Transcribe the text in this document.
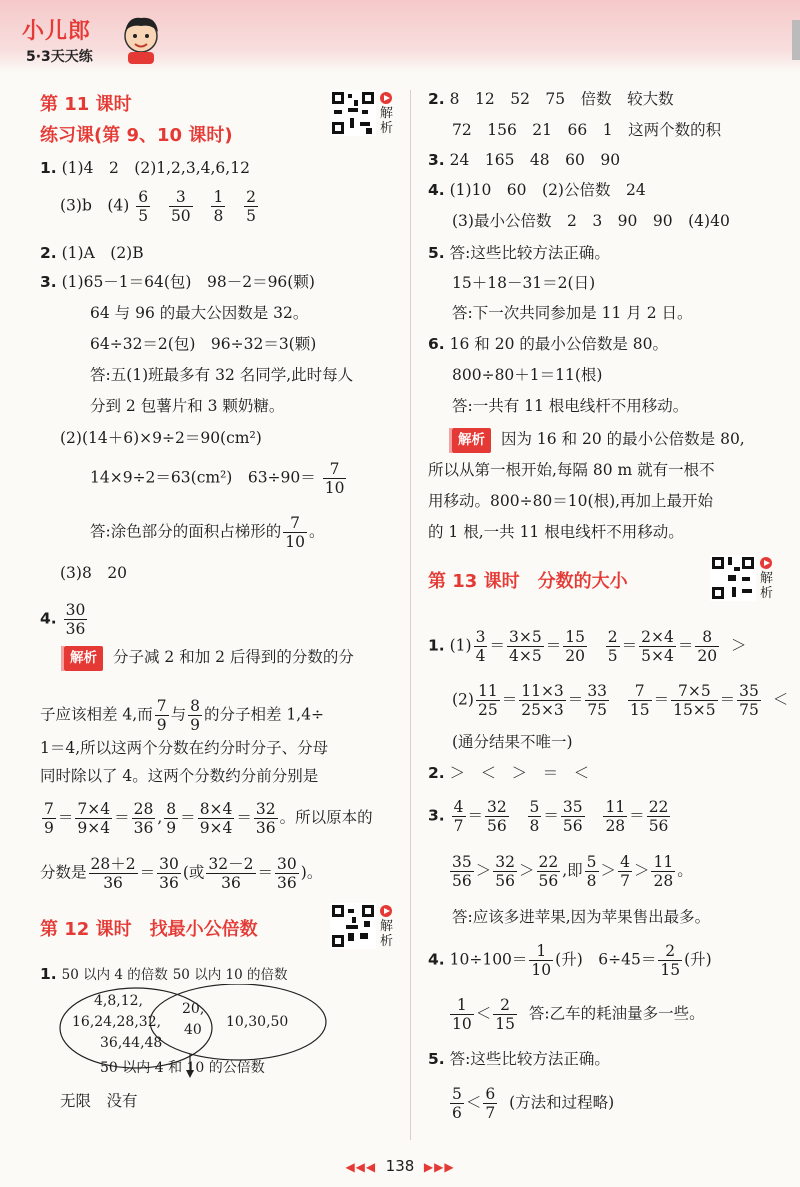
小儿郎
5·3天天练
第 11 课时
练习课(第 9、10 课时)
解析
1. (1)4　2　(2)1,2,3,4,6,12
(3)b　$(4) \frac{6}{5}$
$\frac{3}{50}$
$\frac{1}{8}$
$\frac{2}{5}$
2. (1)A　(2)B
3. (1)65－1＝64(包)　98－2＝96(颗)
64 与 96 的最大公因数是 32。
64÷32＝2(包)　96÷32＝3(颗)
答:五(1)班最多有 32 名同学,此时每人
分到 2 包薯片和 3 颗奶糖。
(2)(14＋6)×9÷2＝90(cm²)
14×9÷2＝63(cm²)　$63\div 90= \frac{7}{10}$
答:涂色部分的面积占梯形的 $\frac{7}{10}$ 。
(3)8　20
4. $\frac{30}{36}$
解析 分子减 2 和加 2 后得到的分数的分
子应该相差 4,而 $\frac{7}{9}$ 与 $\frac{8}{9}$ 的分子相差 1,4÷
1＝4,所以这两个分数在约分时分子、分母
同时除以了 4。这两个分数约分前分别是
$\frac{7}{9} = \frac{7\times 4}{9\times 4} = \frac{28}{36}$ , $\frac{8}{9} = \frac{8\times 4}{9\times 4} = \frac{32}{36}$ 。所以原本的
分数是 $\frac{28+2}{36} = \frac{30}{36}$ (或 $\frac{32-2}{36} = \frac{30}{36}$ )。
第 12 课时　找最小公倍数	解析
1. 50 以内 4 的倍数 50 以内 10 的倍数
4,8,12,
16,24,28,32,
36,44,48
20,
40 10,30,50
50 以内 4 和 10 的公倍数
无限　没有
2. 8　12　52　75　倍数　较大数
72　156　21　66　1　这两个数的积
3. 24　165　48　60　90
4. (1)10　60　(2)公倍数　24
(3)最小公倍数　2　3　90　90　(4)40
5. 答:这些比较方法正确。
15＋18－31＝2(日)
答:下一次共同参加是 11 月 2 日。
6. 16 和 20 的最小公倍数是 80。
800÷80＋1＝11(根)
答:一共有 11 根电线杆不用移动。
解析 因为 16 和 20 的最小公倍数是 80,
所以从第一根开始,每隔 80 m 就有一根不
用移动。800÷80＝10(根),再加上最开始
的 1 根,一共 11 根电线杆不用移动。
第 13 课时　分数的大小	解析
1. $(1) \frac{3}{4} = \frac{3\times 5}{4\times 5} = \frac{15}{20}$
$\frac{2}{5} = \frac{2\times 4}{5\times 4} = \frac{8}{20}$ ＞
$(2) \frac{11}{25} = \frac{11\times 3}{25\times 3} = \frac{33}{75}$
$\frac{7}{15} = \frac{7\times 5}{15\times 5} = \frac{35}{75}$ ＜
(通分结果不唯一)
2. ＞　＜　＞　＝　＜
3. $\frac{4}{7} = \frac{32}{56}$
$\frac{5}{8} = \frac{35}{56}$
$\frac{11}{28} = \frac{22}{56}$
$\frac{35}{56} > \frac{32}{56} > \frac{22}{56}$ ,即 $\frac{5}{8} > \frac{4}{7} > \frac{11}{28}$ 。
答:应该多进苹果,因为苹果售出最多。
4. $10\div 100= \frac{1}{10}$ (升)　$6\div 45= \frac{2}{15}$ (升)
$\frac{1}{10} < \frac{2}{15}$ 答:乙车的耗油量多一些。
5. 答:这些比较方法正确。
$\frac{5}{6} < \frac{6}{7}$ (方法和过程略)
◀◀◀ 138 ▶▶▶
